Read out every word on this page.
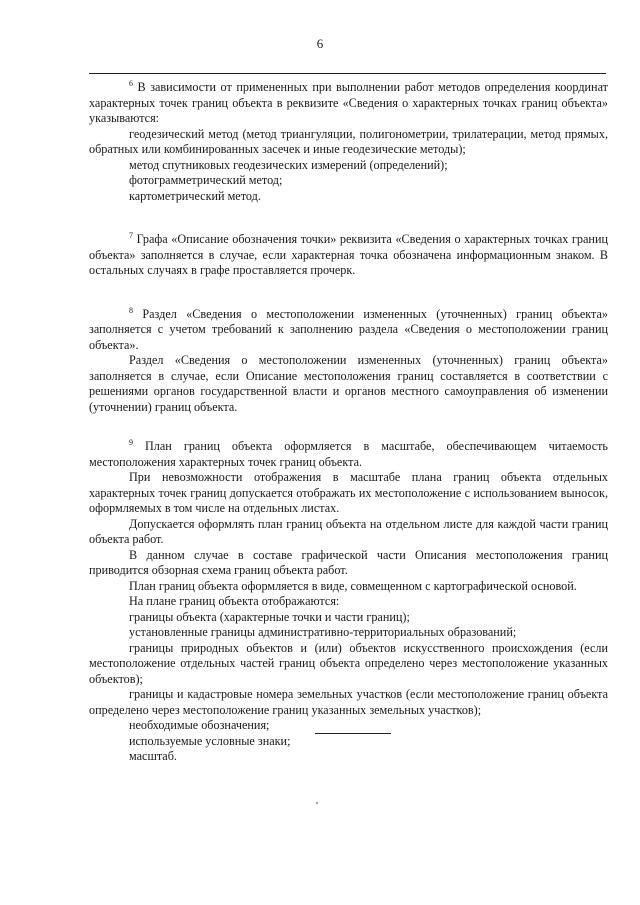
6

$^6$ В зависимости от примененных при выполнении работ методов определения координат характерных точек границ объекта в реквизите «Сведения о характерных точках границ объекта» указываются:

геодезический метод (метод триангуляции, полигонометрии, трилатерации, метод прямых, обратных или комбинированных засечек и иные геодезические методы);

метод спутниковых геодезических измерений (определений);

фотограмметрический метод;

картометрический метод.

$^7$ Графа «Описание обозначения точки» реквизита «Сведения о характерных точках границ объекта» заполняется в случае, если характерная точка обозначена информационным знаком. В остальных случаях в графе проставляется прочерк.

$^8$ Раздел «Сведения о местоположении измененных (уточненных) границ объекта» заполняется с учетом требований к заполнению раздела «Сведения о местоположении границ объекта».

Раздел «Сведения о местоположении измененных (уточненных) границ объекта» заполняется в случае, если Описание местоположения границ составляется в соответствии с решениями органов государственной власти и органов местного самоуправления об изменении (уточнении) границ объекта.

$^9$ План границ объекта оформляется в масштабе, обеспечивающем читаемость местоположения характерных точек границ объекта.

При невозможности отображения в масштабе плана границ объекта отдельных характерных точек границ допускается отображать их местоположение с использованием выносок, оформляемых в том числе на отдельных листах.

Допускается оформлять план границ объекта на отдельном листе для каждой части границ объекта работ.

В данном случае в составе графической части Описания местоположения границ приводится обзорная схема границ объекта работ.

План границ объекта оформляется в виде, совмещенном с картографической основой.

На плане границ объекта отображаются:

границы объекта (характерные точки и части границ);

установленные границы административно-территориальных образований;

границы природных объектов и (или) объектов искусственного происхождения (если местоположение отдельных частей границ объекта определено через местоположение указанных объектов);

границы и кадастровые номера земельных участков (если местоположение границ объекта определено через местоположение границ указанных земельных участков);

необходимые обозначения;

используемые условные знаки;

масштаб.
